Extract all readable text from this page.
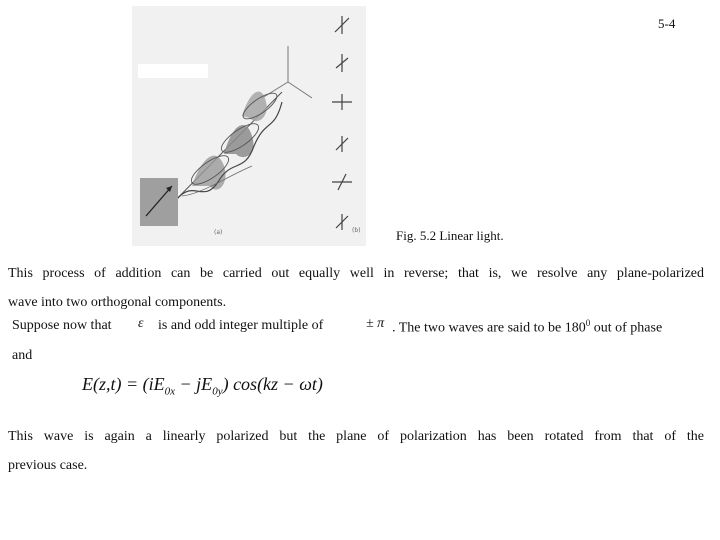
5-4
(a)	(b)	Fig. 5.2 Linear light.
This process of addition can be carried out equally well in reverse; that is, we resolve any plane-polarized
wave into two orthogonal components.
Suppose now that ε is and odd integer multiple of	± π . The two waves are said to be $180^0$ out of phase
and
$E(z,t) = (iE_{0x} - jE_{0y}) \cos(kz - \omega t)$
This wave is again a linearly polarized but the plane of polarization has been rotated from that of the
previous case.
